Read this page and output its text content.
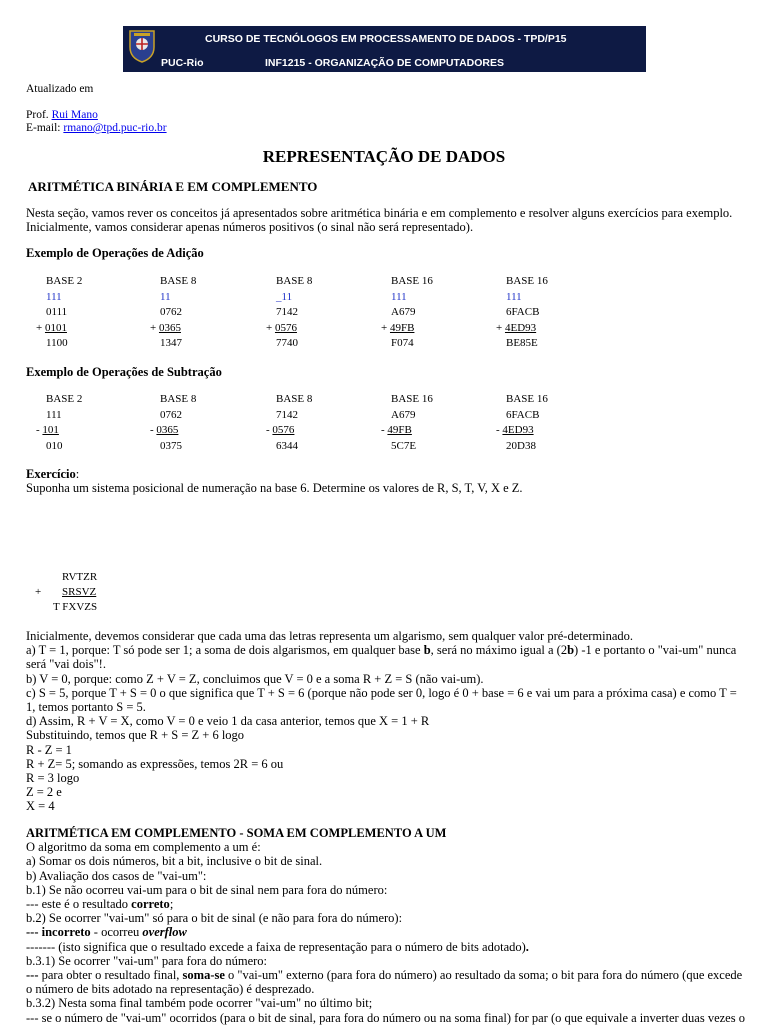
CURSO DE TECNÓLOGOS EM PROCESSAMENTO DE DADOS - TPD/P15
PUC-Rio	INF1215 - ORGANIZAÇÃO DE COMPUTADORES
Atualizado em
Prof. Rui Mano
E-mail: rmano@tpd.puc-rio.br
REPRESENTAÇÃO DE DADOS
ARITMÉTICA BINÁRIA E EM COMPLEMENTO
Nesta seção, vamos rever os conceitos já apresentados sobre aritmética binária e em complemento e resolver alguns exercícios para exemplo.
Inicialmente, vamos considerar apenas números positivos (o sinal não será representado).
Exemplo de Operações de Adição
BASE 2
111
0111
+ 0101
1100
BASE 8
11
0762
+ 0365
1347
BASE 8
_11
7142
+ 0576
7740
BASE 16
111
A679
+ 49FB
F074
BASE 16
111
6FACB
+ 4ED93
BE85E
Exemplo de Operações de Subtração
BASE 2
111
- 101
010
BASE 8
0762
- 0365
0375
BASE 8
7142
- 0576
6344
BASE 16
A679
- 49FB
5C7E
BASE 16
6FACB
- 4ED93
20D38
Exercício:
Suponha um sistema posicional de numeração na base 6. Determine os valores de R, S, T, V, X e Z.
RVTZR
+ SRSVZ
T FXVZS
Inicialmente, devemos considerar que cada uma das letras representa um algarismo, sem qualquer valor pré-determinado.
a) T = 1, porque: T só pode ser 1; a soma de dois algarismos, em qualquer base b, será no máximo igual a (2b) -1 e portanto o "vai-um" nunca será "vai dois"!.
b) V = 0, porque: como Z + V = Z, concluimos que V = 0 e a soma R + Z = S (não vai-um).
c) S = 5, porque T + S = 0 o que significa que T + S = 6 (porque não pode ser 0, logo é 0 + base = 6 e vai um para a próxima casa) e como T = 1, temos portanto S = 5.
d) Assim, R + V = X, como V = 0 e veio 1 da casa anterior, temos que X = 1 + R
Substituindo, temos que R + S = Z + 6 logo
R - Z = 1
R + Z= 5; somando as expressões, temos 2R = 6 ou
R = 3 logo
Z = 2 e
X = 4
ARITMÉTICA EM COMPLEMENTO - SOMA EM COMPLEMENTO A UM
O algoritmo da soma em complemento a um é:
a) Somar os dois números, bit a bit, inclusive o bit de sinal.
b) Avaliação dos casos de "vai-um":
b.1) Se não ocorreu vai-um para o bit de sinal nem para fora do número:
--- este é o resultado correto;
b.2) Se ocorrer "vai-um" só para o bit de sinal (e não para fora do número):
--- incorreto - ocorreu overflow
------- (isto significa que o resultado excede a faixa de representação para o número de bits adotado).
b.3.1) Se ocorrer "vai-um" para fora do número:
--- para obter o resultado final, soma-se o "vai-um" externo (para fora do número) ao resultado da soma; o bit para fora do número (que excede o número de bits adotado na representação) é desprezado.
b.3.2) Nesta soma final também pode ocorrer "vai-um" no último bit;
--- se o número de "vai-um" ocorridos (para o bit de sinal, para fora do número ou na soma final) for par (o que equivale a inverter duas vezes o
